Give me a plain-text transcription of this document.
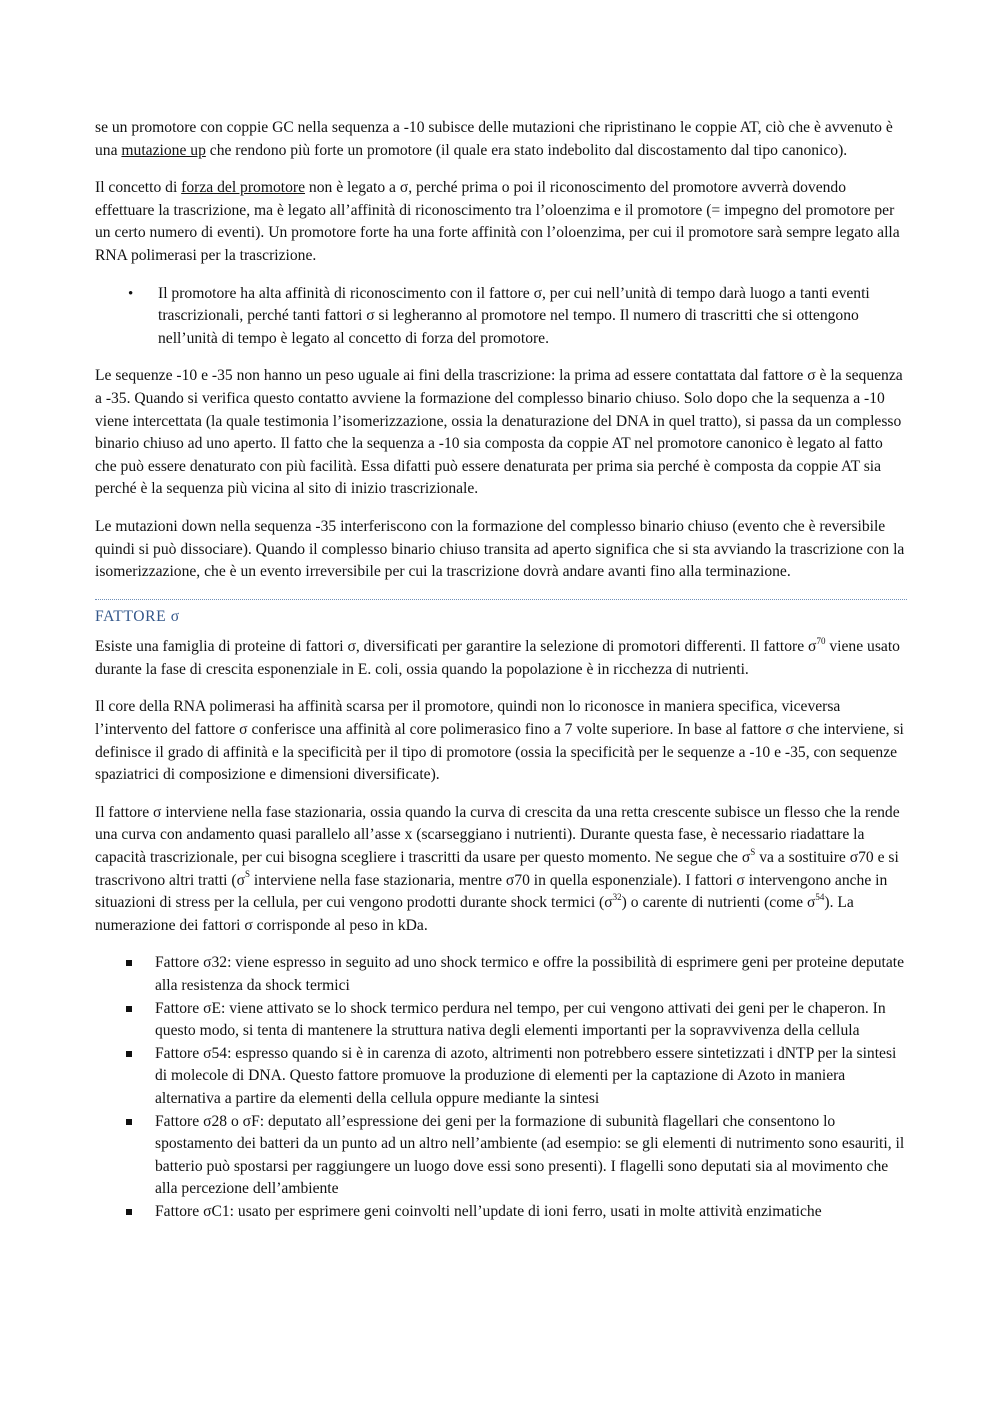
se un promotore con coppie GC nella sequenza a -10 subisce delle mutazioni che ripristinano le coppie AT, ciò che è avvenuto è una mutazione up che rendono più forte un promotore (il quale era stato indebolito dal discostamento dal tipo canonico).

Il concetto di forza del promotore non è legato a σ, perché prima o poi il riconoscimento del promotore avverrà dovendo effettuare la trascrizione, ma è legato all’affinità di riconoscimento tra l’oloenzima e il promotore (= impegno del promotore per un certo numero di eventi). Un promotore forte ha una forte affinità con l’oloenzima, per cui il promotore sarà sempre legato alla RNA polimerasi per la trascrizione.

• Il promotore ha alta affinità di riconoscimento con il fattore σ, per cui nell’unità di tempo darà luogo a tanti eventi trascrizionali, perché tanti fattori σ si legheranno al promotore nel tempo. Il numero di trascritti che si ottengono nell’unità di tempo è legato al concetto di forza del promotore.

Le sequenze -10 e -35 non hanno un peso uguale ai fini della trascrizione: la prima ad essere contattata dal fattore σ è la sequenza a -35. Quando si verifica questo contatto avviene la formazione del complesso binario chiuso. Solo dopo che la sequenza a -10 viene intercettata (la quale testimonia l’isomerizzazione, ossia la denaturazione del DNA in quel tratto), si passa da un complesso binario chiuso ad uno aperto. Il fatto che la sequenza a -10 sia composta da coppie AT nel promotore canonico è legato al fatto che può essere denaturato con più facilità. Essa difatti può essere denaturata per prima sia perché è composta da coppie AT sia perché è la sequenza più vicina al sito di inizio trascrizionale.

Le mutazioni down nella sequenza -35 interferiscono con la formazione del complesso binario chiuso (evento che è reversibile quindi si può dissociare). Quando il complesso binario chiuso transita ad aperto significa che si sta avviando la trascrizione con la isomerizzazione, che è un evento irreversibile per cui la trascrizione dovrà andare avanti fino alla terminazione.

FATTORE σ

Esiste una famiglia di proteine di fattori σ, diversificati per garantire la selezione di promotori differenti. Il fattore $\sigma^{70}$ viene usato durante la fase di crescita esponenziale in E. coli, ossia quando la popolazione è in ricchezza di nutrienti.

Il core della RNA polimerasi ha affinità scarsa per il promotore, quindi non lo riconosce in maniera specifica, viceversa l’intervento del fattore σ conferisce una affinità al core polimerasico fino a 7 volte superiore. In base al fattore σ che interviene, si definisce il grado di affinità e la specificità per il tipo di promotore (ossia la specificità per le sequenze a -10 e -35, con sequenze spaziatrici di composizione e dimensioni diversificate).

Il fattore σ interviene nella fase stazionaria, ossia quando la curva di crescita da una retta crescente subisce un flesso che la rende una curva con andamento quasi parallelo all’asse x (scarseggiano i nutrienti). Durante questa fase, è necessario riadattare la capacità trascrizionale, per cui bisogna scegliere i trascritti da usare per questo momento. Ne segue che $\sigma^S$ va a sostituire σ70 e si trascrivono altri tratti ($\sigma^S$ interviene nella fase stazionaria, mentre σ70 in quella esponenziale). I fattori σ intervengono anche in situazioni di stress per la cellula, per cui vengono prodotti durante shock termici $(\sigma^{32})$ o carente di nutrienti (come $\sigma^{54}$). La numerazione dei fattori σ corrisponde al peso in kDa.

Fattore σ32: viene espresso in seguito ad uno shock termico e offre la possibilità di esprimere geni per proteine deputate alla resistenza da shock termici
Fattore σE: viene attivato se lo shock termico perdura nel tempo, per cui vengono attivati dei geni per le chaperon. In questo modo, si tenta di mantenere la struttura nativa degli elementi importanti per la sopravvivenza della cellula
Fattore σ54: espresso quando si è in carenza di azoto, altrimenti non potrebbero essere sintetizzati i dNTP per la sintesi di molecole di DNA. Questo fattore promuove la produzione di elementi per la captazione di Azoto in maniera alternativa a partire da elementi della cellula oppure mediante la sintesi
Fattore σ28 o σF: deputato all’espressione dei geni per la formazione di subunità flagellari che consentono lo spostamento dei batteri da un punto ad un altro nell’ambiente (ad esempio: se gli elementi di nutrimento sono esauriti, il batterio può spostarsi per raggiungere un luogo dove essi sono presenti). I flagelli sono deputati sia al movimento che alla percezione dell’ambiente
Fattore σC1: usato per esprimere geni coinvolti nell’update di ioni ferro, usati in molte attività enzimatiche
